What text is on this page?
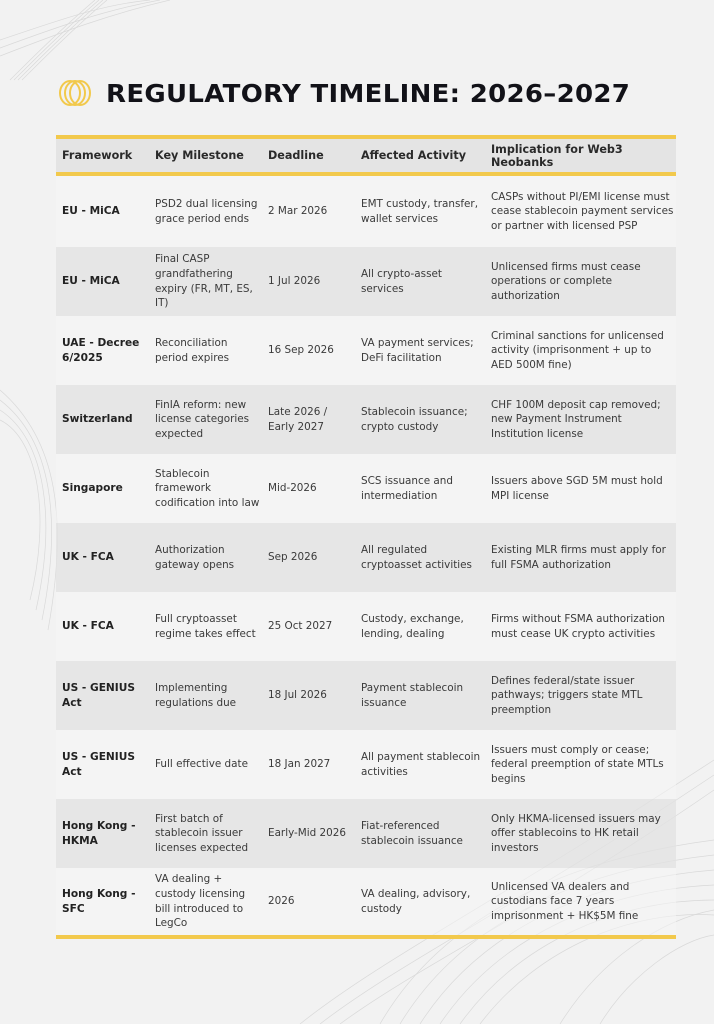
REGULATORY TIMELINE: 2026–2027
Framework	Key Milestone	Deadline	Affected Activity	Implication for Web3 Neobanks
EU - MiCA	PSD2 dual licensing grace period ends	2 Mar 2026	EMT custody, transfer, wallet services	CASPs without PI/EMI license must cease stablecoin payment services or partner with licensed PSP
EU - MiCA	Final CASP grandfathering expiry (FR, MT, ES, IT)	1 Jul 2026	All crypto-asset services	Unlicensed firms must cease operations or complete authorization
UAE - Decree 6/2025	Reconciliation period expires	16 Sep 2026	VA payment services; DeFi facilitation	Criminal sanctions for unlicensed activity (imprisonment + up to AED 500M fine)
Switzerland	FinIA reform: new license categories expected	Late 2026 / Early 2027	Stablecoin issuance; crypto custody	CHF 100M deposit cap removed; new Payment Instrument Institution license
Singapore	Stablecoin framework codification into law	Mid-2026	SCS issuance and intermediation	Issuers above SGD 5M must hold MPI license
UK - FCA	Authorization gateway opens	Sep 2026	All regulated cryptoasset activities	Existing MLR firms must apply for full FSMA authorization
UK - FCA	Full cryptoasset regime takes effect	25 Oct 2027	Custody, exchange, lending, dealing	Firms without FSMA authorization must cease UK crypto activities
US - GENIUS Act	Implementing regulations due	18 Jul 2026	Payment stablecoin issuance	Defines federal/state issuer pathways; triggers state MTL preemption
US - GENIUS Act	Full effective date	18 Jan 2027	All payment stablecoin activities	Issuers must comply or cease; federal preemption of state MTLs begins
Hong Kong - HKMA	First batch of stablecoin issuer licenses expected	Early-Mid 2026	Fiat-referenced stablecoin issuance	Only HKMA-licensed issuers may offer stablecoins to HK retail investors
Hong Kong - SFC	VA dealing + custody licensing bill introduced to LegCo	2026	VA dealing, advisory, custody	Unlicensed VA dealers and custodians face 7 years imprisonment + HK$5M fine
